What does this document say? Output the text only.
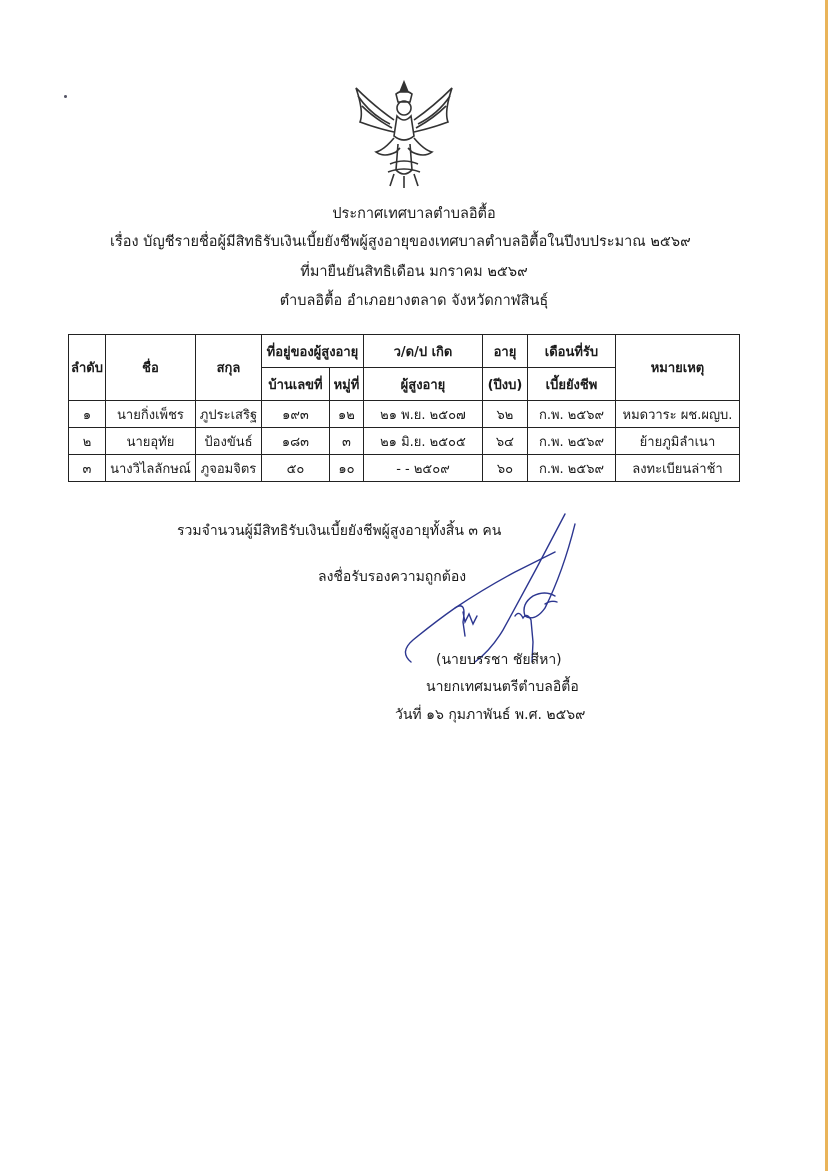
ประกาศเทศบาลตำบลอิตื้อ
เรื่อง บัญชีรายชื่อผู้มีสิทธิรับเงินเบี้ยยังชีพผู้สูงอายุของเทศบาลตำบลอิตื้อในปีงบประมาณ ๒๕๖๙
ที่มายืนยันสิทธิเดือน มกราคม ๒๕๖๙
ตำบลอิตื้อ อำเภอยางตลาด จังหวัดกาฬสินธุ์
ลำดับ	ชื่อ	สกุล	ที่อยู่ของผู้สูงอายุ		ว/ด/ป เกิด	อายุ	เดือนที่รับ	หมายเหตุ
			บ้านเลขที่	หมู่ที่	ผู้สูงอายุ	(ปีงบ)	เบี้ยยังชีพ	
๑	นายกิ่งเพ็ชร	ภูประเสริฐ	๑๙๓	๑๒	๒๑ พ.ย. ๒๕๐๗	๖๒	ก.พ. ๒๕๖๙	หมดวาระ ผช.ผญบ.
๒	นายอุทัย	ป้องขันธ์	๑๘๓	๓	๒๑ มิ.ย. ๒๕๐๕	๖๔	ก.พ. ๒๕๖๙	ย้ายภูมิลำเนา
๓	นางวิไลลักษณ์	ภูจอมจิตร	๕๐	๑๐	- - ๒๕๐๙	๖๐	ก.พ. ๒๕๖๙	ลงทะเบียนล่าช้า
รวมจำนวนผู้มีสิทธิรับเงินเบี้ยยังชีพผู้สูงอายุทั้งสิ้น ๓ คน
ลงชื่อรับรองความถูกต้อง
(นายบรรชา ชัยสีหา)
นายกเทศมนตรีตำบลอิตื้อ
วันที่ ๑๖ กุมภาพันธ์ พ.ศ. ๒๕๖๙
